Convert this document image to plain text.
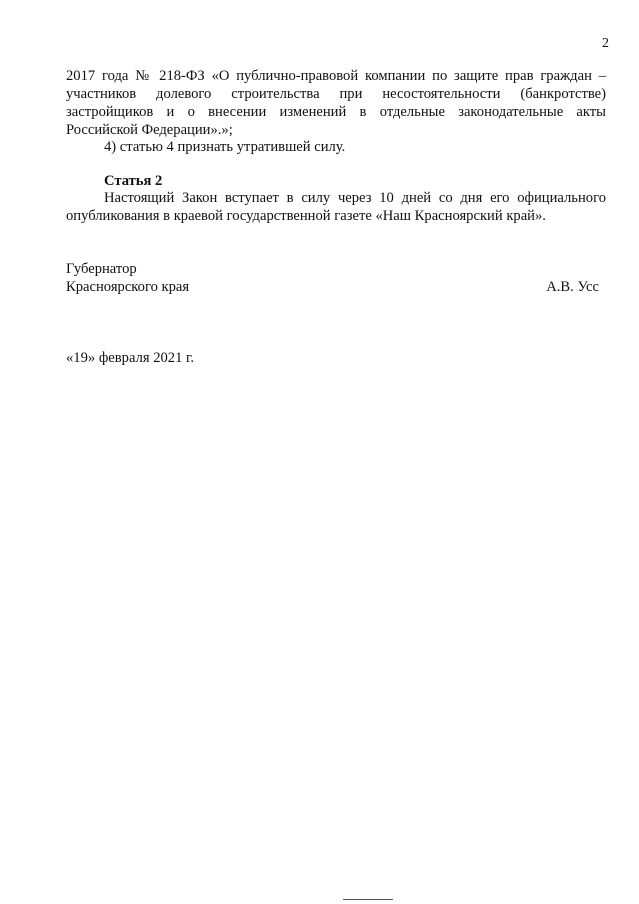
2
2017 года № 218-ФЗ «О публично-правовой компании по защите прав граждан –
участников долевого строительства при несостоятельности (банкротстве)
застройщиков и о внесении изменений в отдельные законодательные акты
Российской Федерации».»;
4) статью 4 признать утратившей силу.
Статья 2
Настоящий Закон вступает в силу через 10 дней со дня его официального
опубликования в краевой государственной газете «Наш Красноярский край».
Губернатор
Красноярского края	А.В. Усс
«19» февраля 2021 г.
